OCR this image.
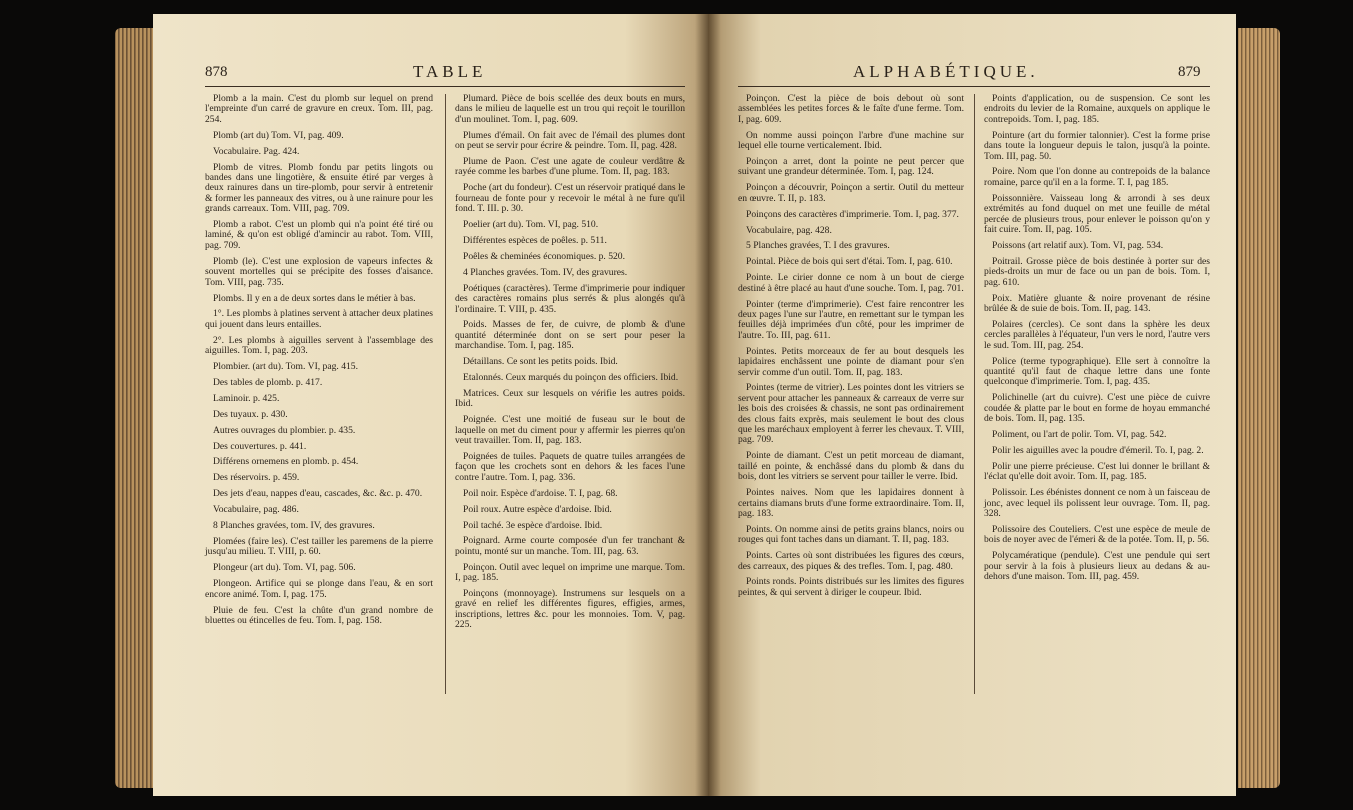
878	TABLE

Plomb a la main. C'est du plomb sur lequel on prend l'empreinte d'un carré de gravure en creux. Tom. III, pag. 254.

Plomb (art du) Tom. VI, pag. 409.

Vocabulaire. Pag. 424.

Plomb de vitres. Plomb fondu par petits lingots ou bandes dans une lingotière, & ensuite étiré par verges à deux rainures dans un tire-plomb, pour servir à entretenir & former les panneaux des vitres, ou à une rainure pour les grands carreaux. Tom. VIII, pag. 709.

Plomb a rabot. C'est un plomb qui n'a point été tiré ou laminé, & qu'on est obligé d'amincir au rabot. Tom. VIII, pag. 709.

Plomb (le). C'est une explosion de vapeurs infectes & souvent mortelles qui se précipite des fosses d'aisance. Tom. VIII, pag. 735.

Plombs. Il y en a de deux sortes dans le métier à bas.

1°. Les plombs à platines servent à attacher deux platines qui jouent dans leurs entailles.

2°. Les plombs à aiguilles servent à l'assemblage des aiguilles. Tom. I, pag. 203.

Plombier. (art du). Tom. VI, pag. 415.

Des tables de plomb. p. 417.

Laminoir. p. 425.

Des tuyaux. p. 430.

Autres ouvrages du plombier. p. 435.

Des couvertures. p. 441.

Différens ornemens en plomb. p. 454.

Des réservoirs. p. 459.

Des jets d'eau, nappes d'eau, cascades, &c. &c. p. 470.

Vocabulaire, pag. 486.

8 Planches gravées, tom. IV, des gravures.

Plomées (faire les). C'est tailler les paremens de la pierre jusqu'au milieu. T. VIII, p. 60.

Plongeur (art du). Tom. VI, pag. 506.

Plongeon. Artifice qui se plonge dans l'eau, & en sort encore animé. Tom. I, pag. 175.

Pluie de feu. C'est la chûte d'un grand nombre de bluettes ou étincelles de feu. Tom. I, pag. 158.

Plumard. Pièce de bois scellée des deux bouts en murs, dans le milieu de laquelle est un trou qui reçoit le tourillon d'un moulinet. Tom. I, pag. 609.

Plumes d'émail. On fait avec de l'émail des plumes dont on peut se servir pour écrire & peindre. Tom. II, pag. 428.

Plume de Paon. C'est une agate de couleur verdâtre & rayée comme les barbes d'une plume. Tom. II, pag. 183.

Poche (art du fondeur). C'est un réservoir pratiqué dans le fourneau de fonte pour y recevoir le métal à ne fure qu'il fond. T. III. p. 30.

Poelier (art du). Tom. VI, pag. 510.

Différentes espèces de poêles. p. 511.

Poêles & cheminées économiques. p. 520.

4 Planches gravées. Tom. IV, des gravures.

Poétiques (caractères). Terme d'imprimerie pour indiquer des caractères romains plus serrés & plus alongés qu'à l'ordinaire. T. VIII, p. 435.

Poids. Masses de fer, de cuivre, de plomb & d'une quantité déterminée dont on se sert pour peser la marchandise. Tom. I, pag. 185.

Détaillans. Ce sont les petits poids. Ibid.

Etalonnés. Ceux marqués du poinçon des officiers. Ibid.

Matrices. Ceux sur lesquels on vérifie les autres poids. Ibid.

Poignée. C'est une moitié de fuseau sur le bout de laquelle on met du ciment pour y affermir les pierres qu'on veut travailler. Tom. II, pag. 183.

Poignées de tuiles. Paquets de quatre tuiles arrangées de façon que les crochets sont en dehors & les faces l'une contre l'autre. Tom. I, pag. 336.

Poil noir. Espèce d'ardoise. T. I, pag. 68.

Poil roux. Autre espèce d'ardoise. Ibid.

Poil taché. 3e espèce d'ardoise. Ibid.

Poignard. Arme courte composée d'un fer tranchant & pointu, monté sur un manche. Tom. III, pag. 63.

Poinçon. Outil avec lequel on imprime une marque. Tom. I, pag. 185.

Poinçons (monnoyage). Instrumens sur lesquels on a gravé en relief les différentes figures, effigies, armes, inscriptions, lettres &c. pour les monnoies. Tom. V, pag. 225.

ALPHABÉTIQUE.	879

Poinçon. C'est la pièce de bois debout où sont assemblées les petites forces & le faîte d'une ferme. Tom. I, pag. 609.

On nomme aussi poinçon l'arbre d'une machine sur lequel elle tourne verticalement. Ibid.

Poinçon a arret, dont la pointe ne peut percer que suivant une grandeur déterminée. Tom. I, pag. 124.

Poinçon a découvrir, Poinçon a sertir. Outil du metteur en œuvre. T. II, p. 183.

Poinçons des caractères d'imprimerie. Tom. I, pag. 377.

Vocabulaire, pag. 428.

5 Planches gravées, T. I des gravures.

Pointal. Pièce de bois qui sert d'étai. Tom. I, pag. 610.

Pointe. Le cirier donne ce nom à un bout de cierge destiné à être placé au haut d'une souche. Tom. I, pag. 701.

Pointer (terme d'imprimerie). C'est faire rencontrer les deux pages l'une sur l'autre, en remettant sur le tympan les feuilles déjà imprimées d'un côté, pour les imprimer de l'autre. To. III, pag. 611.

Pointes. Petits morceaux de fer au bout desquels les lapidaires enchâssent une pointe de diamant pour s'en servir comme d'un outil. Tom. II, pag. 183.

Pointes (terme de vitrier). Les pointes dont les vitriers se servent pour attacher les panneaux & carreaux de verre sur les bois des croisées & chassis, ne sont pas ordinairement des clous faits exprès, mais seulement le bout des clous que les maréchaux employent à ferrer les chevaux. T. VIII, pag. 709.

Pointe de diamant. C'est un petit morceau de diamant, taillé en pointe, & enchâssé dans du plomb & dans du bois, dont les vitriers se servent pour tailler le verre. Ibid.

Pointes naives. Nom que les lapidaires donnent à certains diamans bruts d'une forme extraordinaire. Tom. II, pag. 183.

Points. On nomme ainsi de petits grains blancs, noirs ou rouges qui font taches dans un diamant. T. II, pag. 183.

Points. Cartes où sont distribuées les figures des cœurs, des carreaux, des piques & des trefles. Tom. I, pag. 480.

Points ronds. Points distribués sur les limites des figures peintes, & qui servent à diriger le coupeur. Ibid.

Points d'application, ou de suspension. Ce sont les endroits du levier de la Romaine, auxquels on applique le contrepoids. Tom. I, pag. 185.

Pointure (art du formier talonnier). C'est la forme prise dans toute la longueur depuis le talon, jusqu'à la pointe. Tom. III, pag. 50.

Poire. Nom que l'on donne au contrepoids de la balance romaine, parce qu'il en a la forme. T. I, pag 185.

Poissonnière. Vaisseau long & arrondi à ses deux extrémités au fond duquel on met une feuille de métal percée de plusieurs trous, pour enlever le poisson qu'on y fait cuire. Tom. II, pag. 105.

Poissons (art relatif aux). Tom. VI, pag. 534.

Poitrail. Grosse pièce de bois destinée à porter sur des pieds-droits un mur de face ou un pan de bois. Tom. I, pag. 610.

Poix. Matière gluante & noire provenant de résine brûlée & de suie de bois. Tom. II, pag. 143.

Polaires (cercles). Ce sont dans la sphère les deux cercles parallèles à l'équateur, l'un vers le nord, l'autre vers le sud. Tom. III, pag. 254.

Police (terme typographique). Elle sert à connoître la quantité qu'il faut de chaque lettre dans une fonte quelconque d'imprimerie. Tom. I, pag. 435.

Polichinelle (art du cuivre). C'est une pièce de cuivre coudée & platte par le bout en forme de hoyau emmanché de bois. Tom. II, pag. 135.

Poliment, ou l'art de polir. Tom. VI, pag. 542.

Polir les aiguilles avec la poudre d'émeril. To. I, pag. 2.

Polir une pierre précieuse. C'est lui donner le brillant & l'éclat qu'elle doit avoir. Tom. II, pag. 185.

Polissoir. Les ébénistes donnent ce nom à un faisceau de jonc, avec lequel ils polissent leur ouvrage. Tom. II, pag. 328.

Polissoire des Couteliers. C'est une espèce de meule de bois de noyer avec de l'émeri & de la potée. Tom. II, p. 56.

Polycamératique (pendule). C'est une pendule qui sert pour servir à la fois à plusieurs lieux au dedans & au-dehors d'une maison. Tom. III, pag. 459.
